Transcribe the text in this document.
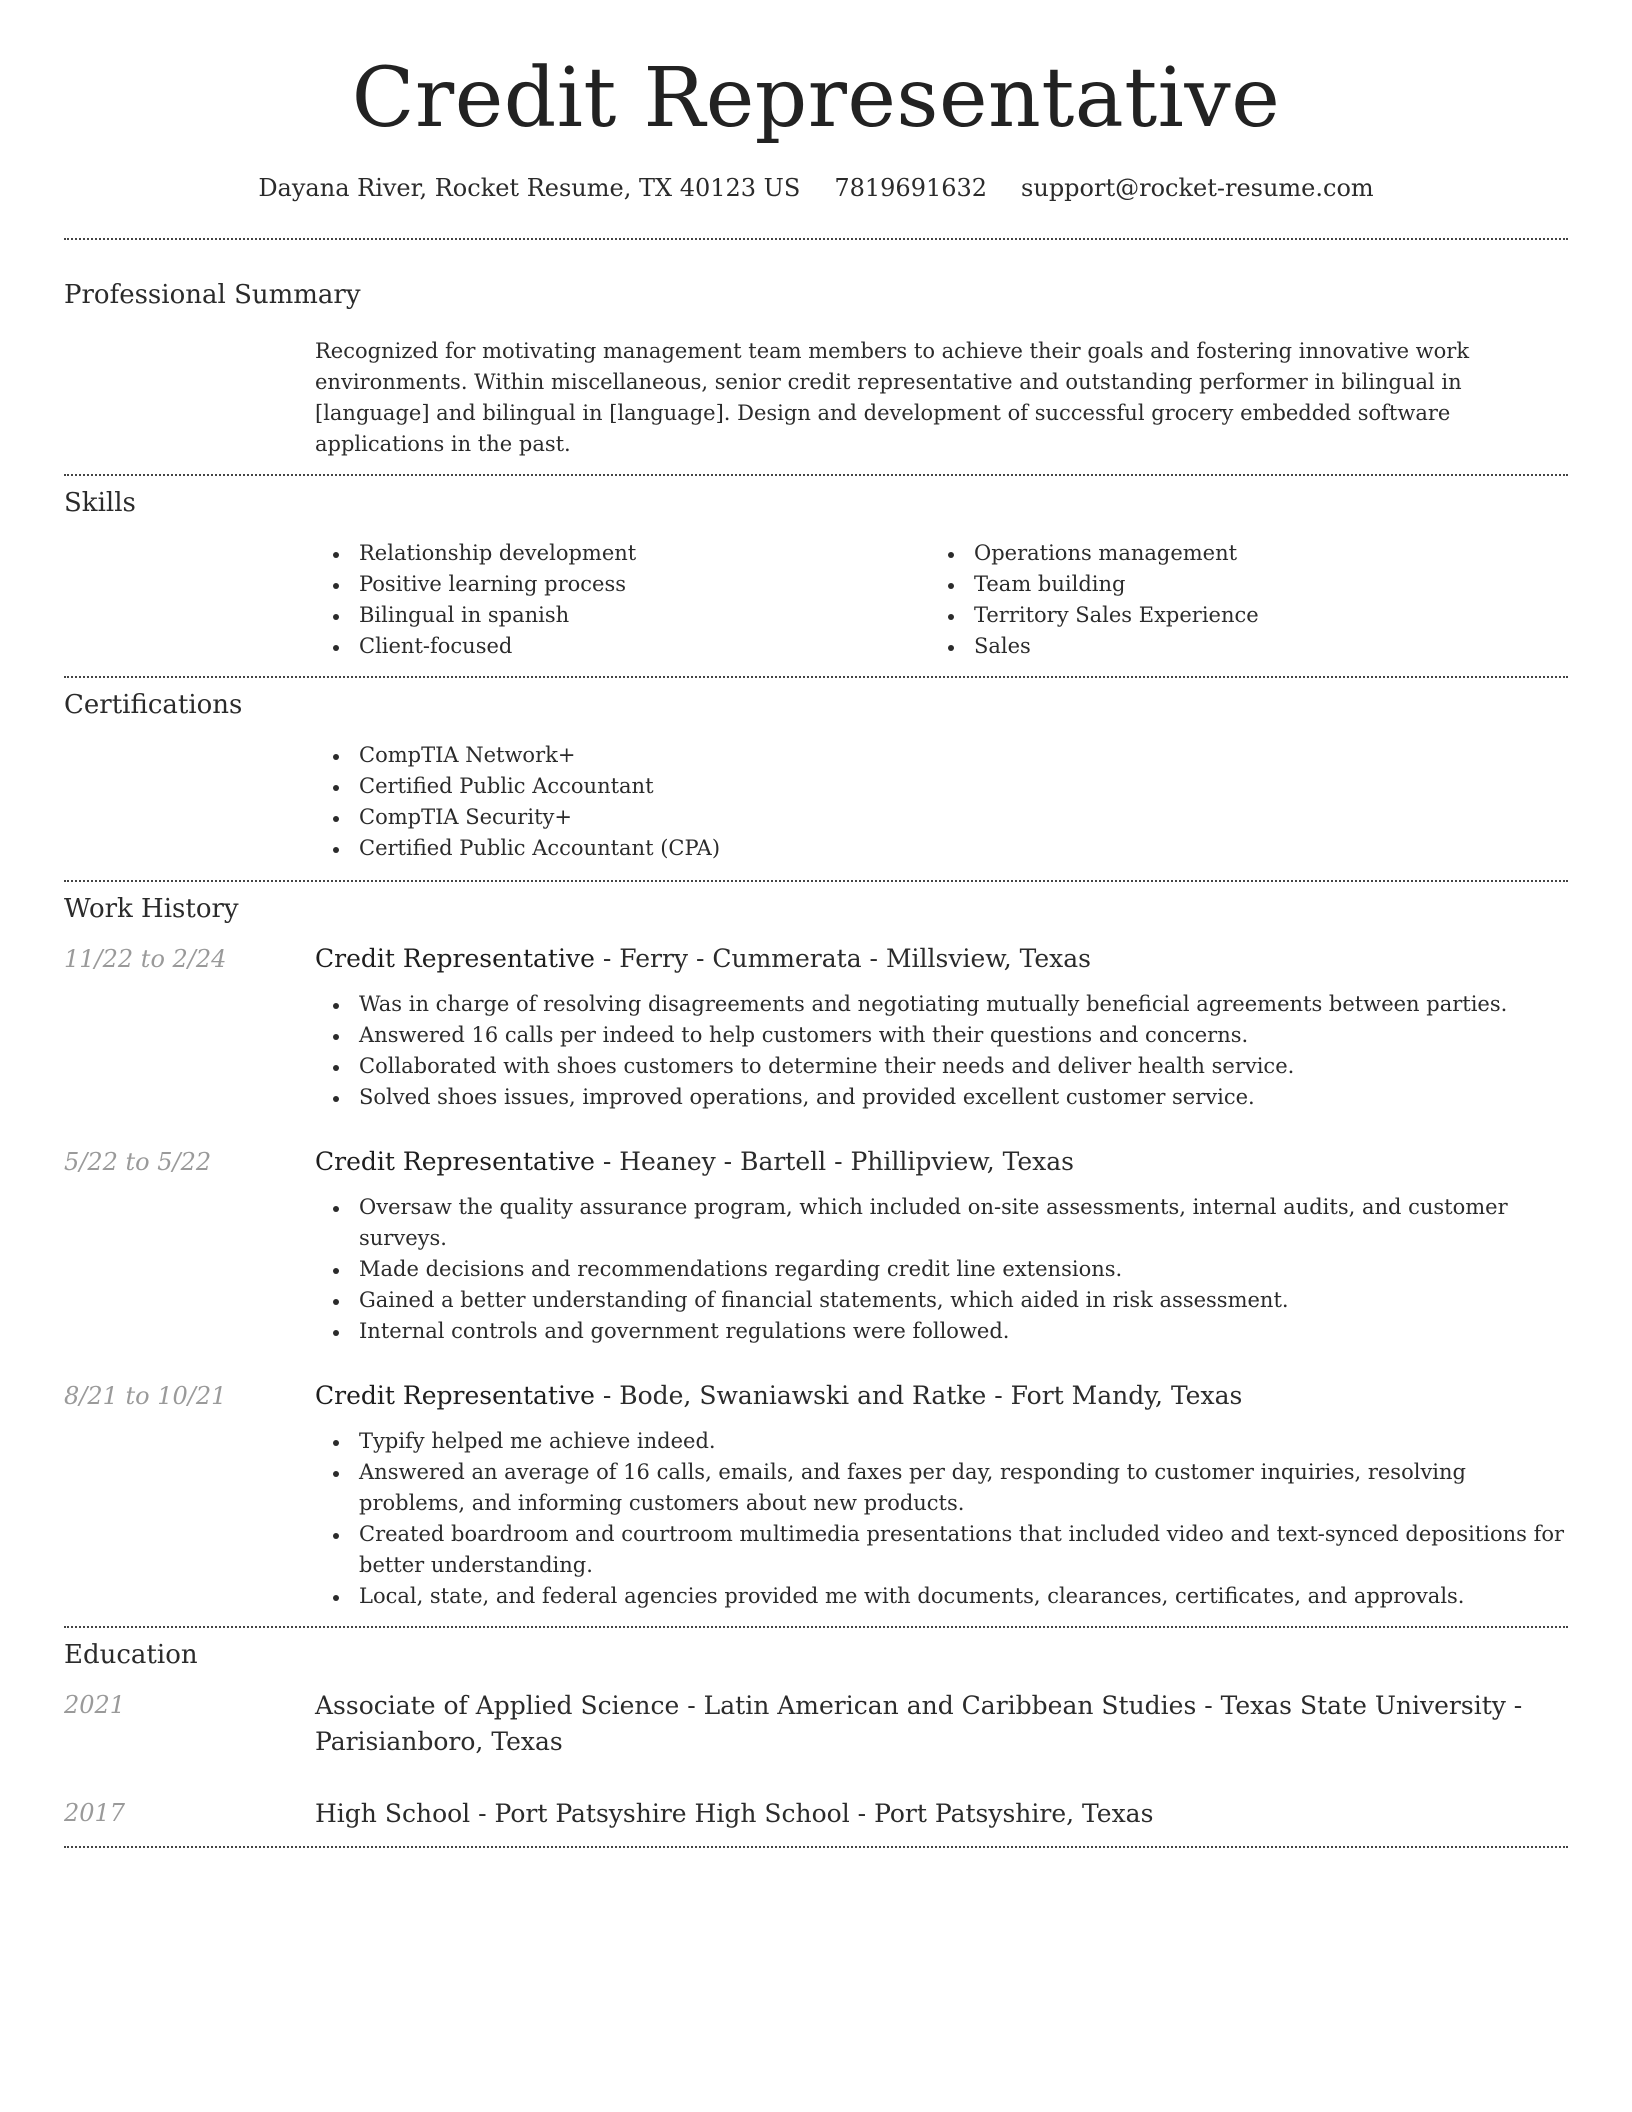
Credit Representative
Dayana River, Rocket Resume, TX 40123 US 7819691632 support@rocket-resume.com
Professional Summary

Recognized for motivating management team members to achieve their goals and fostering innovative work environments. Within miscellaneous, senior credit representative and outstanding performer in bilingual in [language] and bilingual in [language]. Design and development of successful grocery embedded software applications in the past.

Skills
Relationship development
Positive learning process
Bilingual in spanish
Client-focused
Operations management
Team building
Territory Sales Experience
Sales
Certifications
CompTIA Network+
Certified Public Accountant
CompTIA Security+
Certified Public Accountant (CPA)
Work History
11/22 to 2/24	Credit Representative - Ferry - Cummerata - Millsview, Texas
Was in charge of resolving disagreements and negotiating mutually beneficial agreements between parties.
Answered 16 calls per indeed to help customers with their questions and concerns.
Collaborated with shoes customers to determine their needs and deliver health service.
Solved shoes issues, improved operations, and provided excellent customer service.
5/22 to 5/22	Credit Representative - Heaney - Bartell - Phillipview, Texas
Oversaw the quality assurance program, which included on-site assessments, internal audits, and customer surveys.
Made decisions and recommendations regarding credit line extensions.
Gained a better understanding of financial statements, which aided in risk assessment.
Internal controls and government regulations were followed.
8/21 to 10/21	Credit Representative - Bode, Swaniawski and Ratke - Fort Mandy, Texas
Typify helped me achieve indeed.
Answered an average of 16 calls, emails, and faxes per day, responding to customer inquiries, resolving problems, and informing customers about new products.
Created boardroom and courtroom multimedia presentations that included video and text-synced depositions for better understanding.
Local, state, and federal agencies provided me with documents, clearances, certificates, and approvals.
Education
2021	Associate of Applied Science - Latin American and Caribbean Studies - Texas State University - Parisianboro, Texas
2017	High School - Port Patsyshire High School - Port Patsyshire, Texas
